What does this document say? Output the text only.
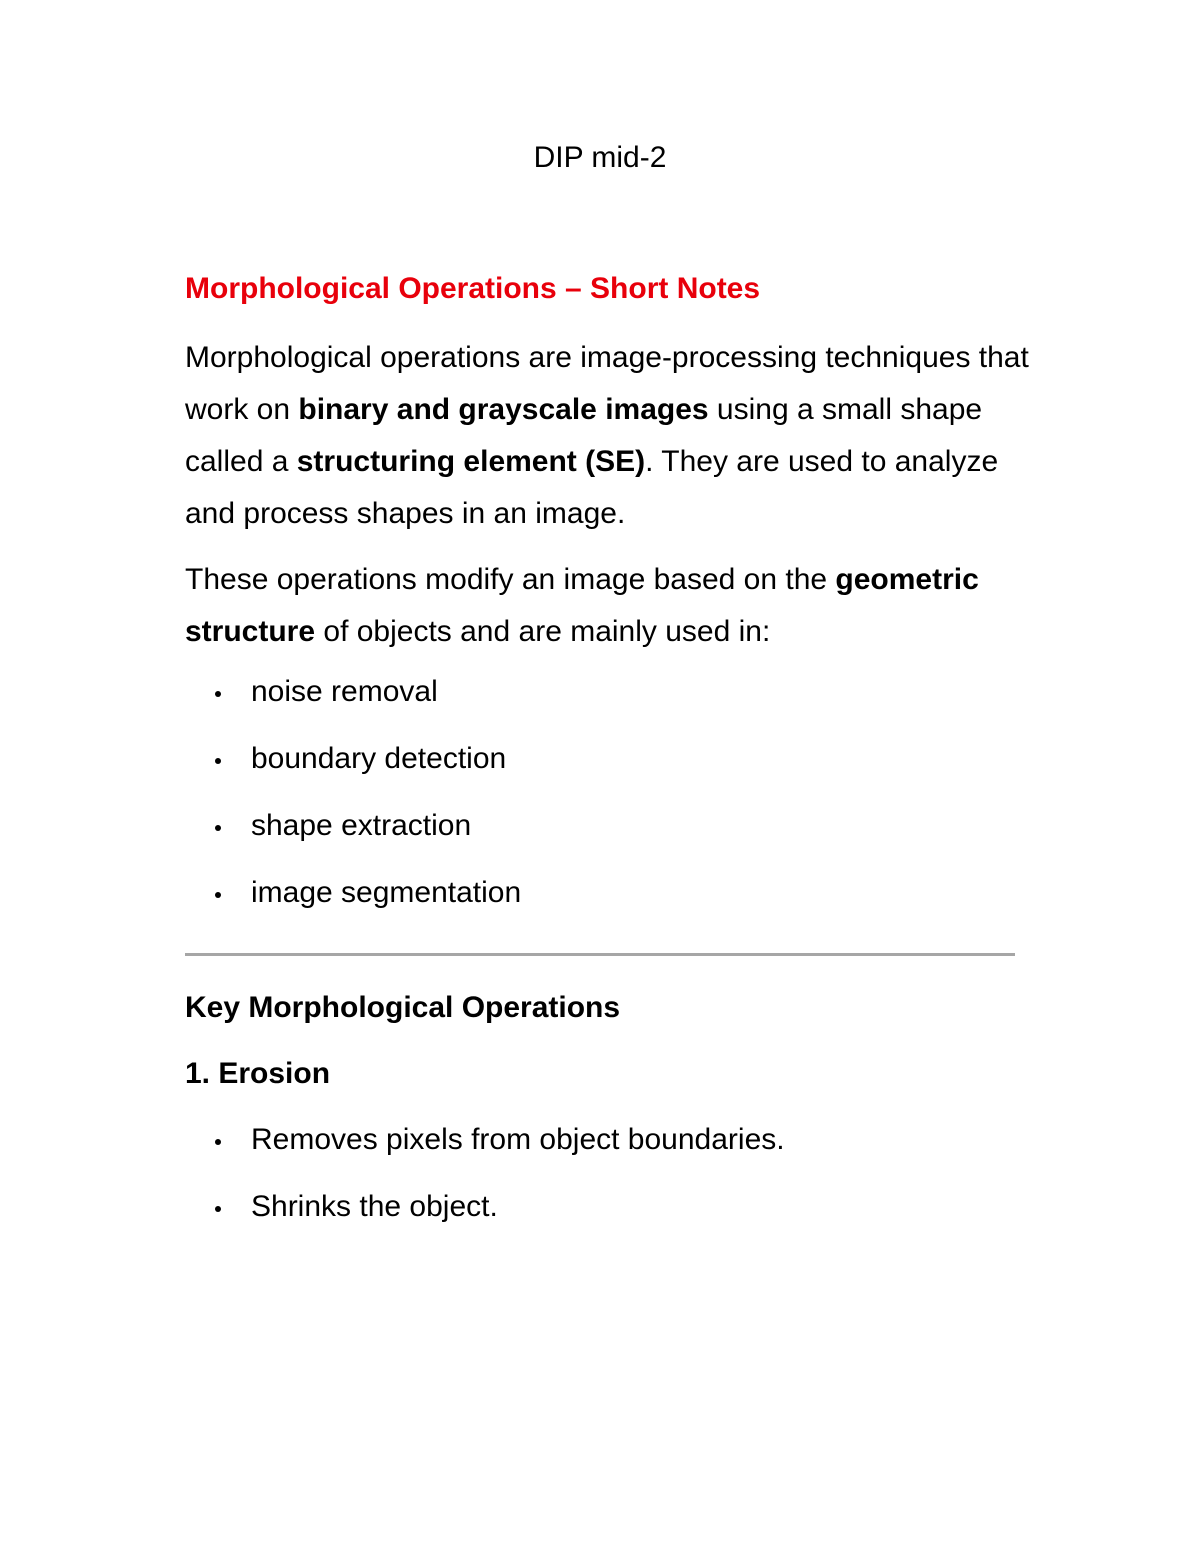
DIP mid-2
Morphological Operations – Short Notes

Morphological operations are image-processing techniques that work on binary and grayscale images using a small shape called a structuring element (SE). They are used to analyze and process shapes in an image.

These operations modify an image based on the geometric structure of objects and are mainly used in:

noise removal
boundary detection
shape extraction
image segmentation
Key Morphological Operations
1. Erosion
Removes pixels from object boundaries.
Shrinks the object.
